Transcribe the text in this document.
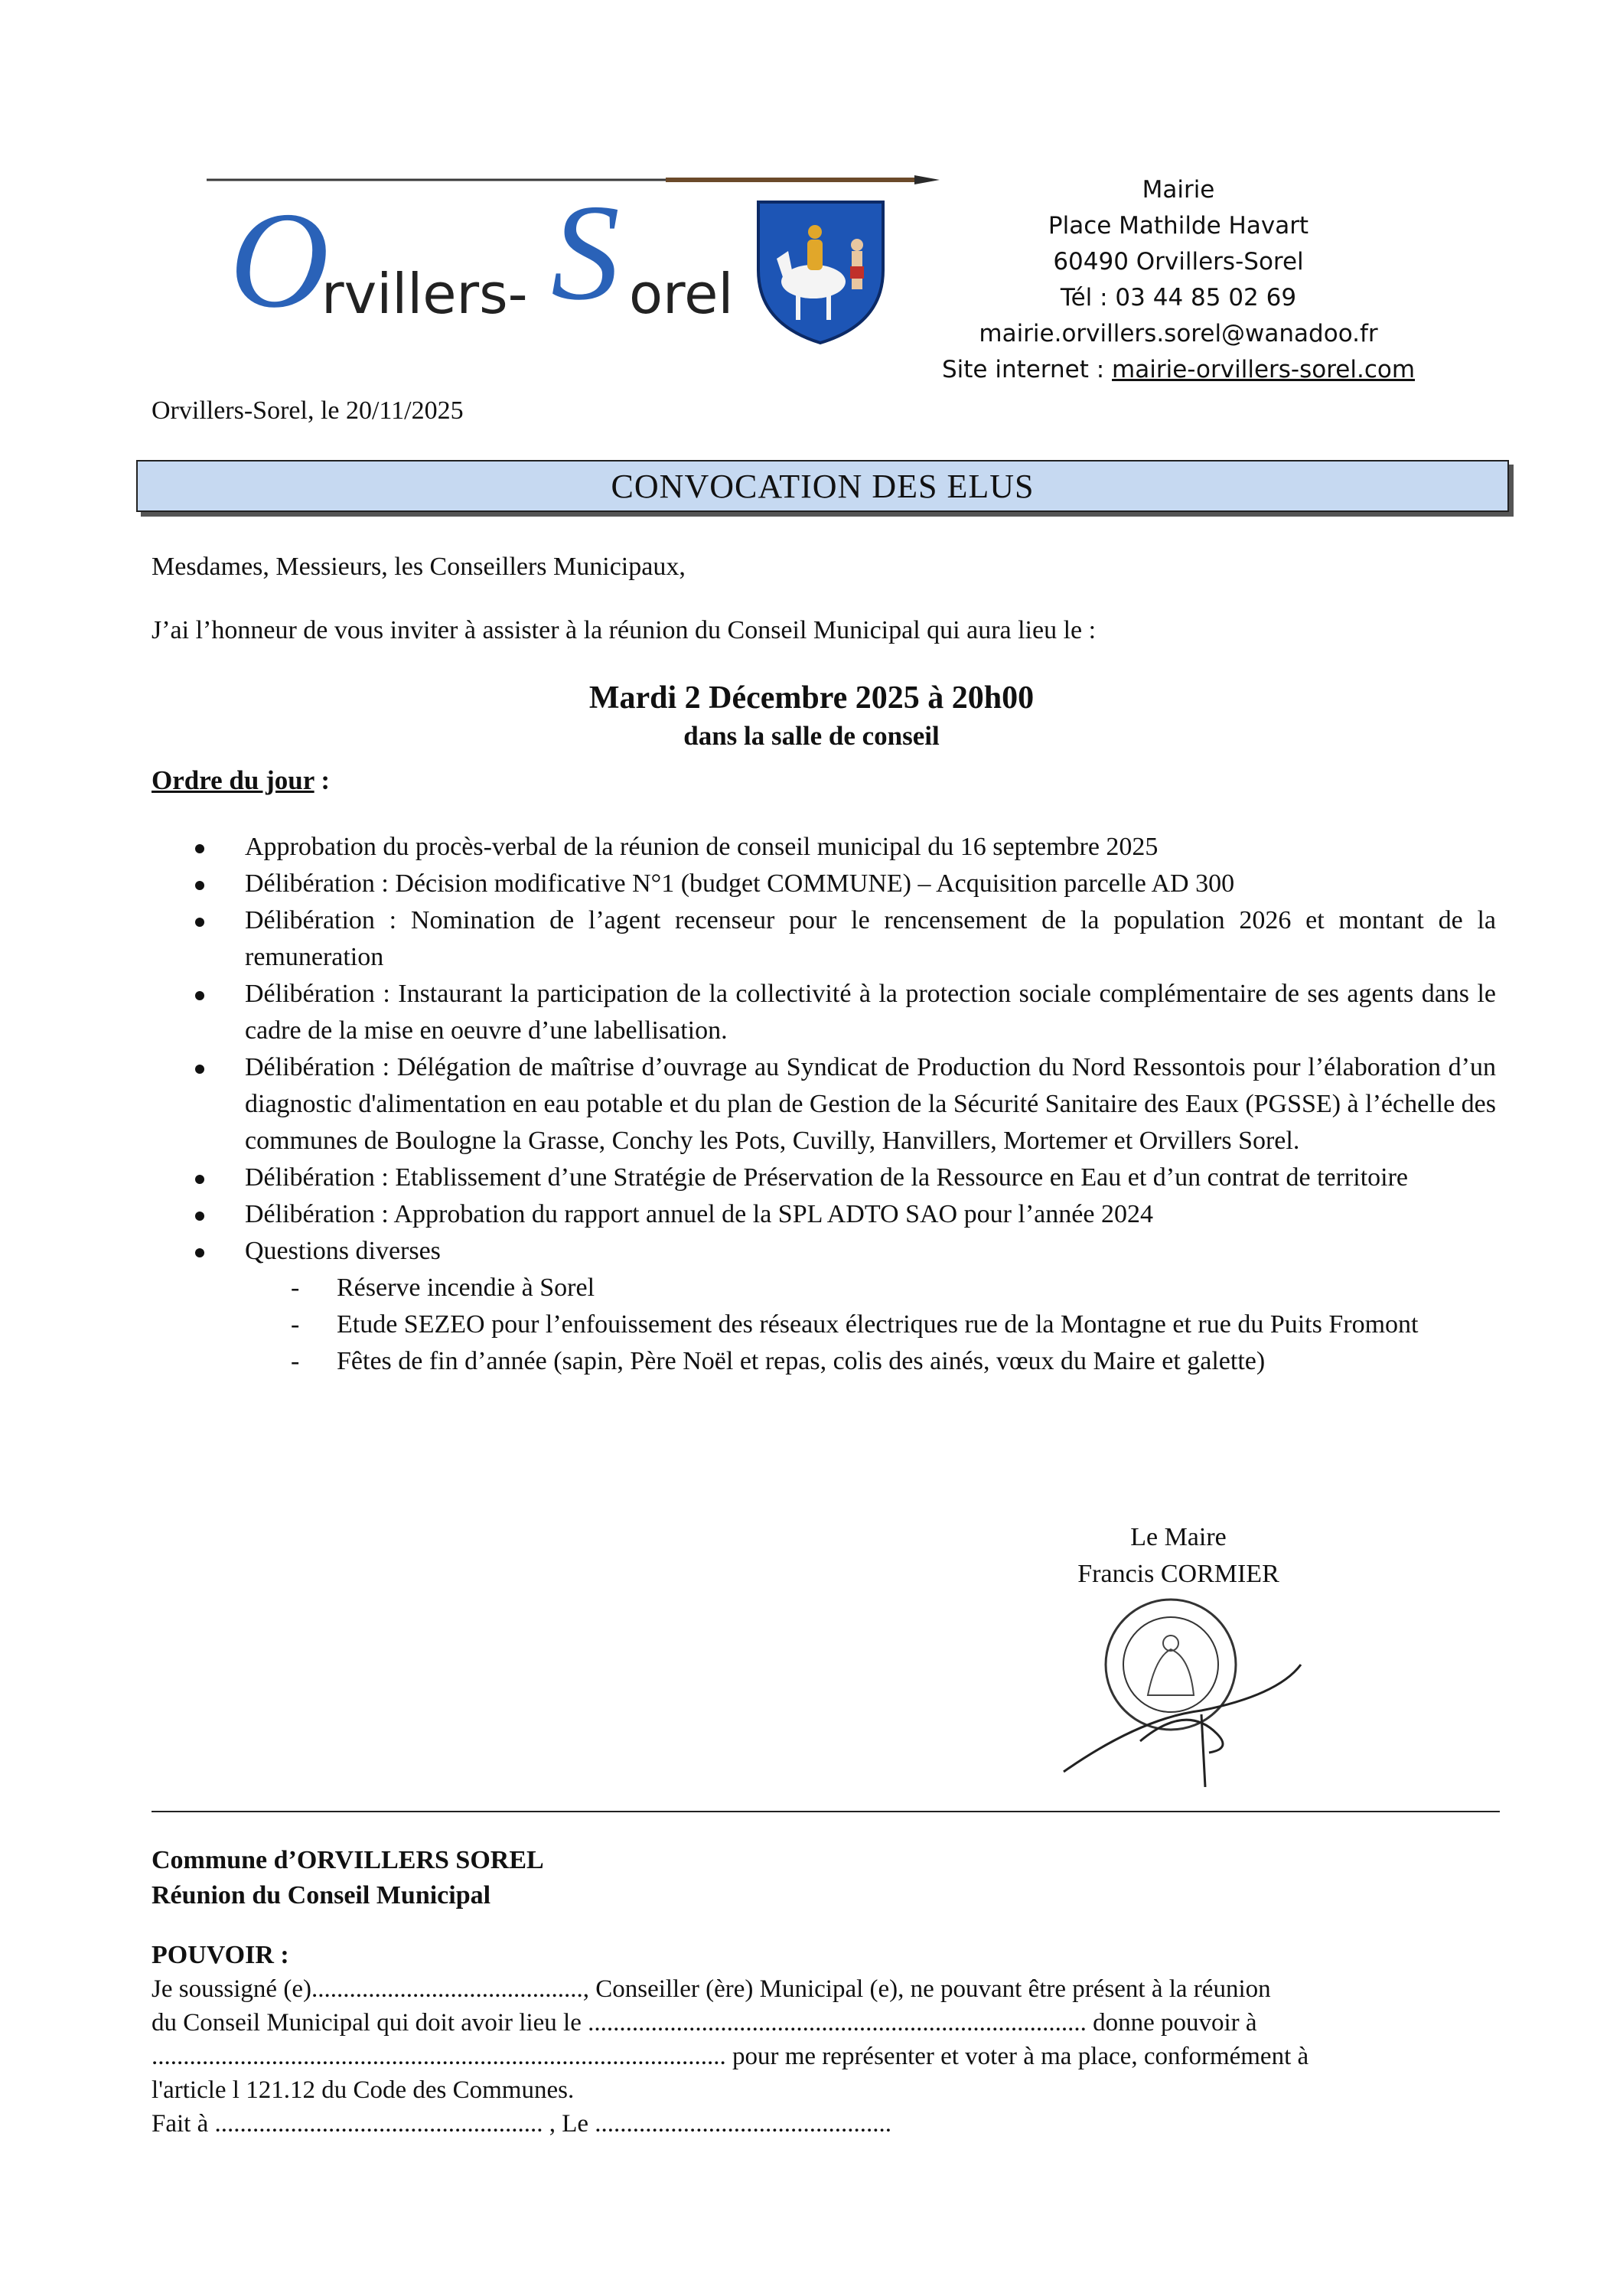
O
rvillers- S orel
Mairie
Place Mathilde Havart
60490 Orvillers-Sorel
Tél : 03 44 85 02 69
mairie.orvillers.sorel@wanadoo.fr
Site internet : mairie-orvillers-sorel.com
Orvillers-Sorel, le 20/11/2025
CONVOCATION DES ELUS
Mesdames, Messieurs, les Conseillers Municipaux,
J’ai l’honneur de vous inviter à assister à la réunion du Conseil Municipal qui aura lieu le :
Mardi 2 Décembre 2025 à 20h00
dans la salle de conseil
Ordre du jour :
Approbation du procès-verbal de la réunion de conseil municipal du 16 septembre 2025
Délibération : Décision modificative N°1 (budget COMMUNE) – Acquisition parcelle AD 300
Délibération : Nomination de l’agent recenseur pour le rencensement de la population 2026 et montant de la remuneration
Délibération : Instaurant la participation de la collectivité à la protection sociale complémentaire de ses agents dans le cadre de la mise en oeuvre d’une labellisation.
Délibération : Délégation de maîtrise d’ouvrage au Syndicat de Production du Nord Ressontois pour l’élaboration d’un diagnostic d'alimentation en eau potable et du plan de Gestion de la Sécurité Sanitaire des Eaux (PGSSE) à l’échelle des communes de Boulogne la Grasse, Conchy les Pots, Cuvilly, Hanvillers, Mortemer et Orvillers Sorel.
Délibération : Etablissement d’une Stratégie de Préservation de la Ressource en Eau et d’un contrat de territoire
Délibération : Approbation du rapport annuel de la SPL ADTO SAO pour l’année 2024
Questions diverses
- Réserve incendie à Sorel
- Etude SEZEO pour l’enfouissement des réseaux électriques rue de la Montagne et rue du Puits Fromont
- Fêtes de fin d’année (sapin, Père Noël et repas, colis des ainés, vœux du Maire et galette)
Le Maire
Francis CORMIER
Commune d’ORVILLERS SOREL
Réunion du Conseil Municipal
POUVOIR :
Je soussigné (e)..........................................., Conseiller (ère) Municipal (e), ne pouvant être présent à la réunion
du Conseil Municipal qui doit avoir lieu le ............................................................................... donne pouvoir à
........................................................................................... pour me représenter et voter à ma place, conformément à
l'article l 121.12 du Code des Communes.
Fait à .................................................... , Le ...............................................
